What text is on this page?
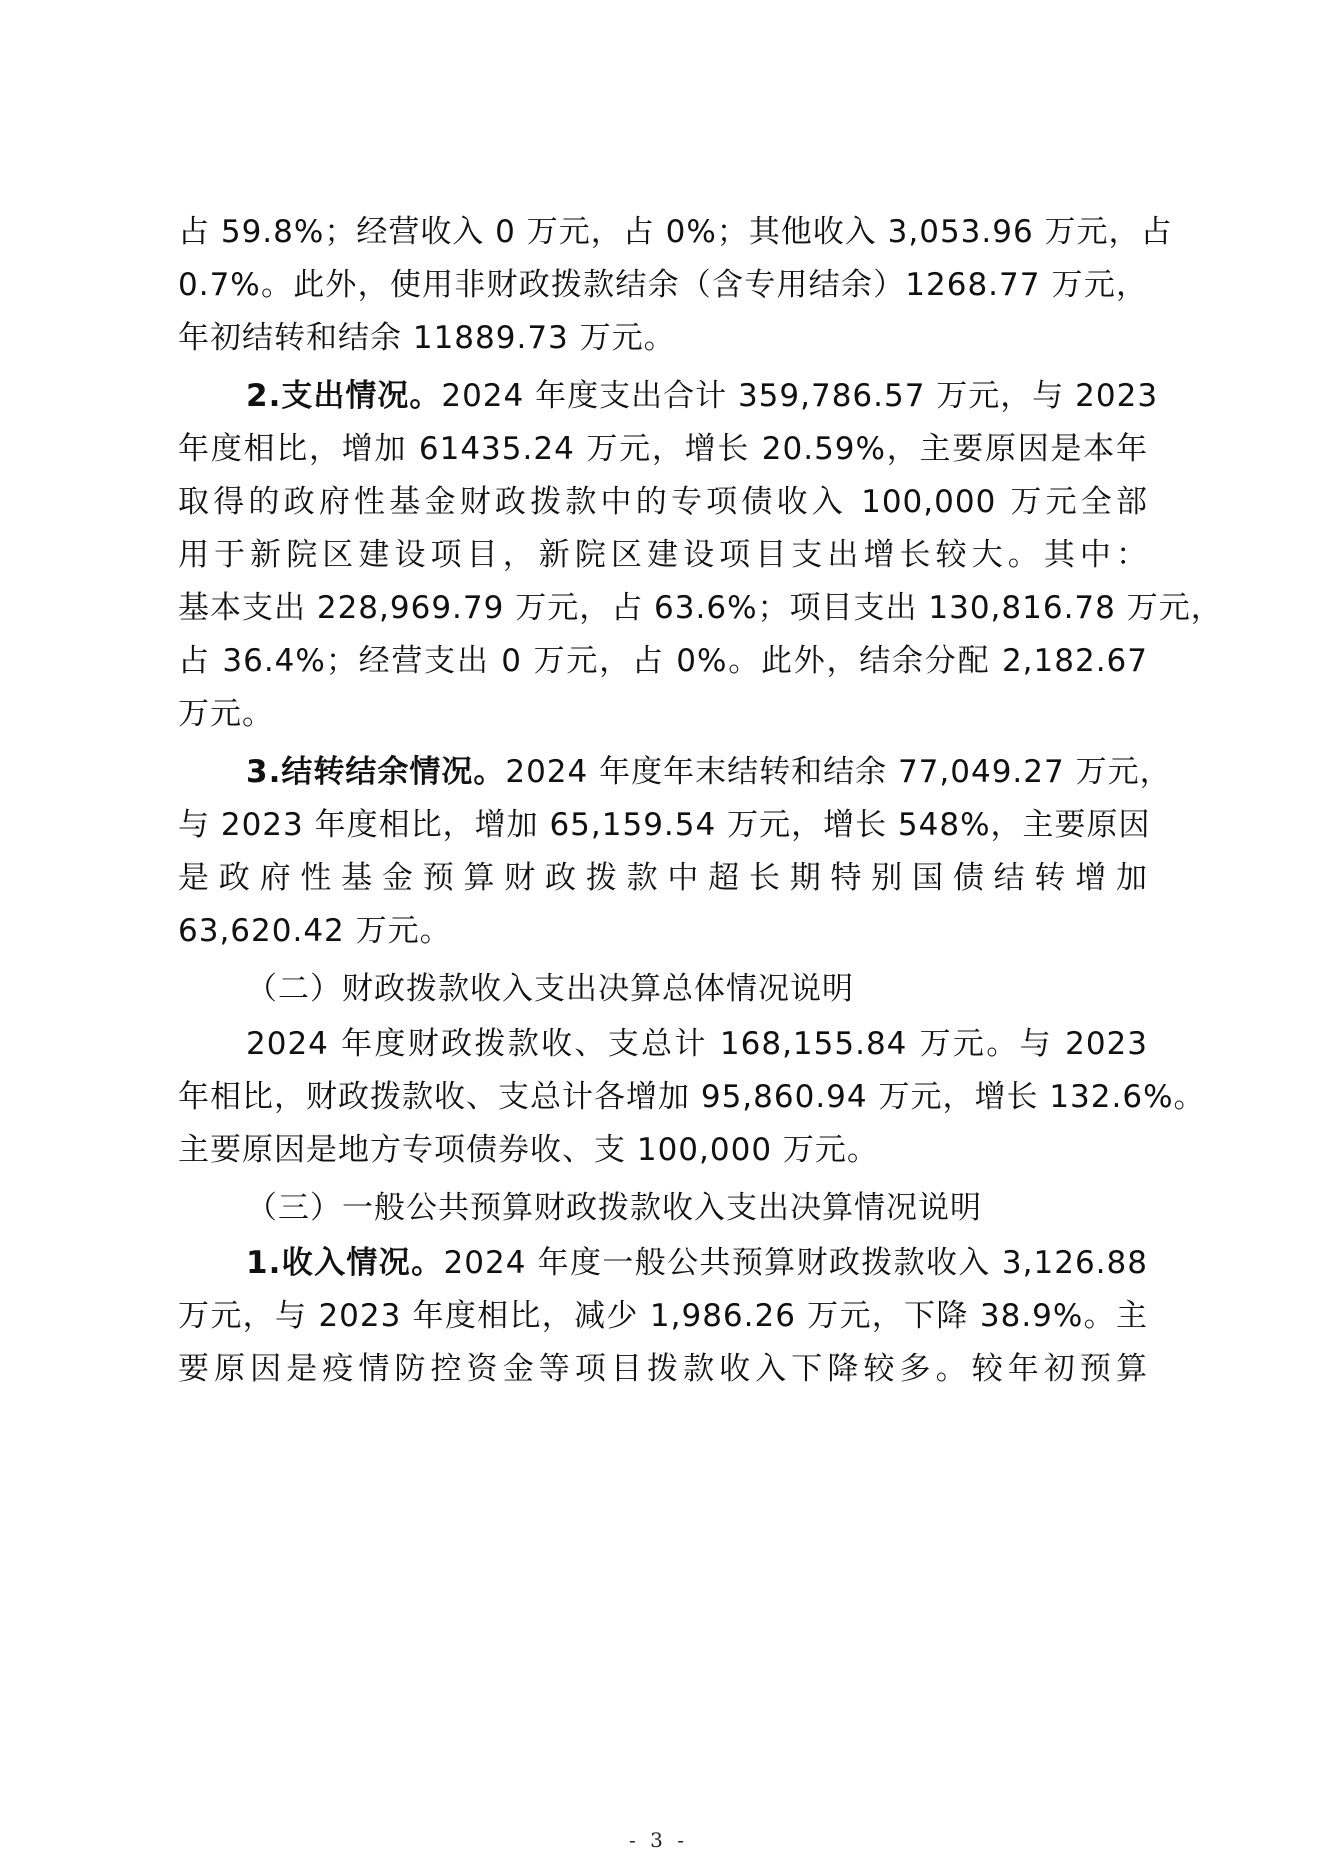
占 59.8%；经营收入 0 万元，占 0%；其他收入 3,053.96 万元，占
0.7%。此外，使用非财政拨款结余（含专用结余）1268.77 万元，
年初结转和结余 11889.73 万元。
2.支出情况。2024 年度支出合计 359,786.57 万元，与 2023
年度相比，增加 61435.24 万元，增长 20.59%，主要原因是本年
取得的政府性基金财政拨款中的专项债收入 100,000 万元全部
用于新院区建设项目，新院区建设项目支出增长较大。其中：
基本支出 228,969.79 万元，占 63.6%；项目支出 130,816.78 万元，
占 36.4%；经营支出 0 万元，占 0%。此外，结余分配 2,182.67
万元。
3.结转结余情况。2024 年度年末结转和结余 77,049.27 万元，
与 2023 年度相比，增加 65,159.54 万元，增长 548%，主要原因
是政府性基金预算财政拨款中超长期特别国债结转增加
63,620.42 万元。
（二）财政拨款收入支出决算总体情况说明
2024 年度财政拨款收、支总计 168,155.84 万元。与 2023
年相比，财政拨款收、支总计各增加 95,860.94 万元，增长 132.6%。
主要原因是地方专项债券收、支 100,000 万元。
（三）一般公共预算财政拨款收入支出决算情况说明
1.收入情况。2024 年度一般公共预算财政拨款收入 3,126.88
万元，与 2023 年度相比，减少 1,986.26 万元，下降 38.9%。主
要原因是疫情防控资金等项目拨款收入下降较多。较年初预算
- 3 -
